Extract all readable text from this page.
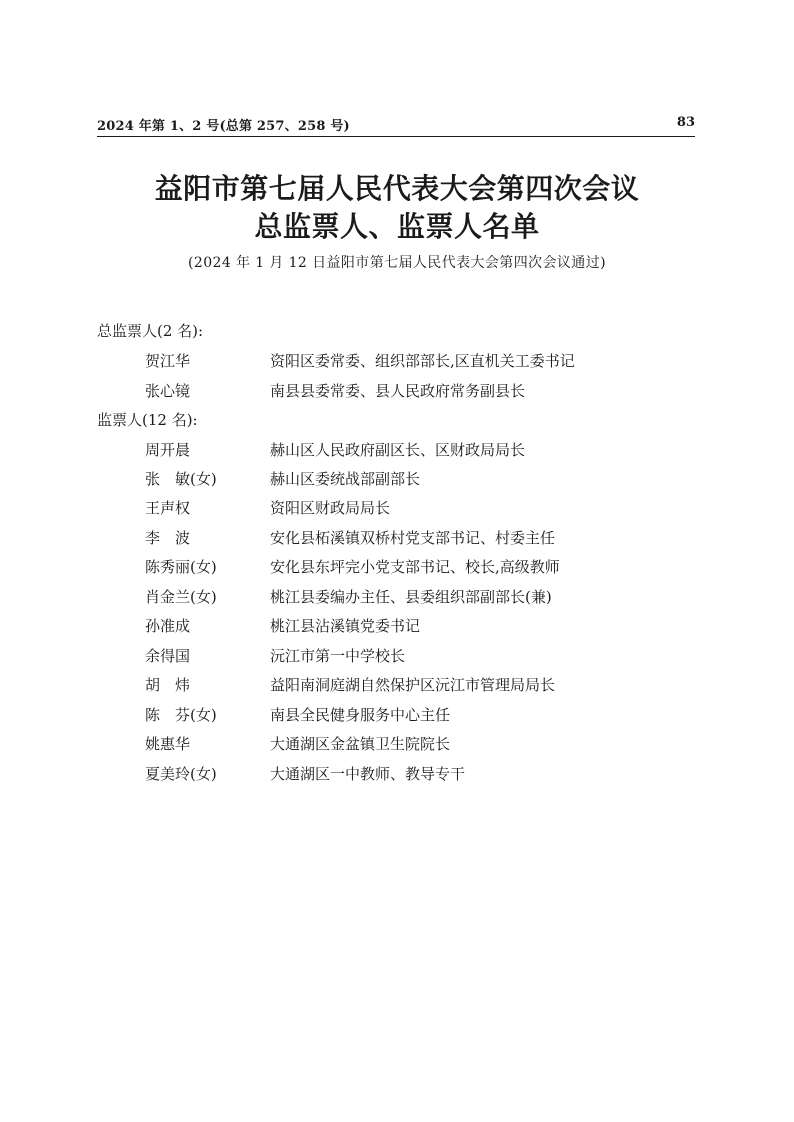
2024 年第 1、2 号(总第 257、258 号)	83
益阳市第七届人民代表大会第四次会议
总监票人、监票人名单
(2024 年 1 月 12 日益阳市第七届人民代表大会第四次会议通过)
总监票人(2 名):
贺江华	资阳区委常委、组织部部长,区直机关工委书记
张心镜	南县县委常委、县人民政府常务副县长
监票人(12 名):
周开晨	赫山区人民政府副区长、区财政局局长
张　敏(女)	赫山区委统战部副部长
王声权	资阳区财政局局长
李　波	安化县柘溪镇双桥村党支部书记、村委主任
陈秀丽(女)	安化县东坪完小党支部书记、校长,高级教师
肖金兰(女)	桃江县委编办主任、县委组织部副部长(兼)
孙准成	桃江县沾溪镇党委书记
余得国	沅江市第一中学校长
胡　炜	益阳南洞庭湖自然保护区沅江市管理局局长
陈　芬(女)	南县全民健身服务中心主任
姚惠华	大通湖区金盆镇卫生院院长
夏美玲(女)	大通湖区一中教师、教导专干
